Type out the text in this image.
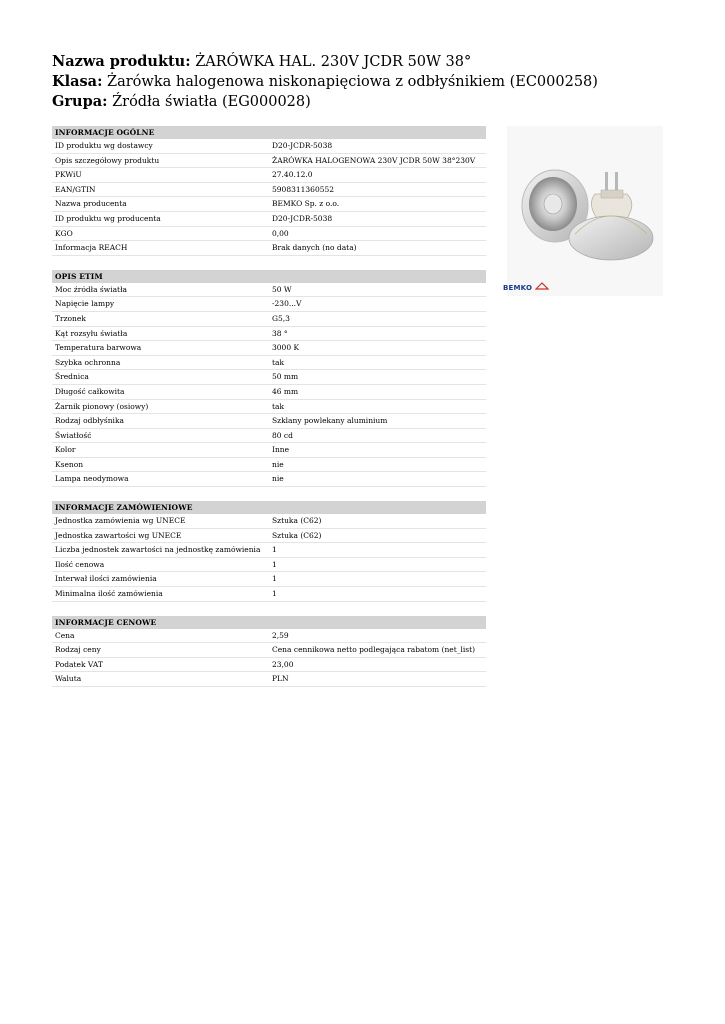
Nazwa produktu: ŻARÓWKA HAL. 230V JCDR 50W 38°
Klasa: Żarówka halogenowa niskonapięciowa z odbłyśnikiem (EC000258)
Grupa: Źródła światła (EG000028)
INFORMACJE OGÓLNE
ID produktu wg dostawcy	D20-JCDR-5038
Opis szczegółowy produktu	ŻARÓWKA HALOGENOWA 230V JCDR 50W 38°230V
PKWiU	27.40.12.0
EAN/GTIN	5908311360552
Nazwa producenta	BEMKO Sp. z o.o.
ID produktu wg producenta	D20-JCDR-5038
KGO	0,00
Informacja REACH	Brak danych (no data)
OPIS ETIM
Moc źródła światła	50 W
Napięcie lampy	-230...V
Trzonek	G5,3
Kąt rozsyłu światła	38 °
Temperatura barwowa	3000 K
Szybka ochronna	tak
Średnica	50 mm
Długość całkowita	46 mm
Żarnik pionowy (osiowy)	tak
Rodzaj odbłyśnika	Szklany powlekany aluminium
Światłość	80 cd
Kolor	Inne
Ksenon	nie
Lampa neodymowa	nie
INFORMACJE ZAMÓWIENIOWE
Jednostka zamówienia wg UNECE	Sztuka (C62)
Jednostka zawartości wg UNECE	Sztuka (C62)
Liczba jednostek zawartości na jednostkę zamówienia	1
Ilość cenowa	1
Interwał ilości zamówienia	1
Minimalna ilość zamówienia	1
INFORMACJE CENOWE
Cena	2,59
Rodzaj ceny	Cena cennikowa netto podlegająca rabatom (net_list)
Podatek VAT	23,00
Waluta	PLN
BEMKO
